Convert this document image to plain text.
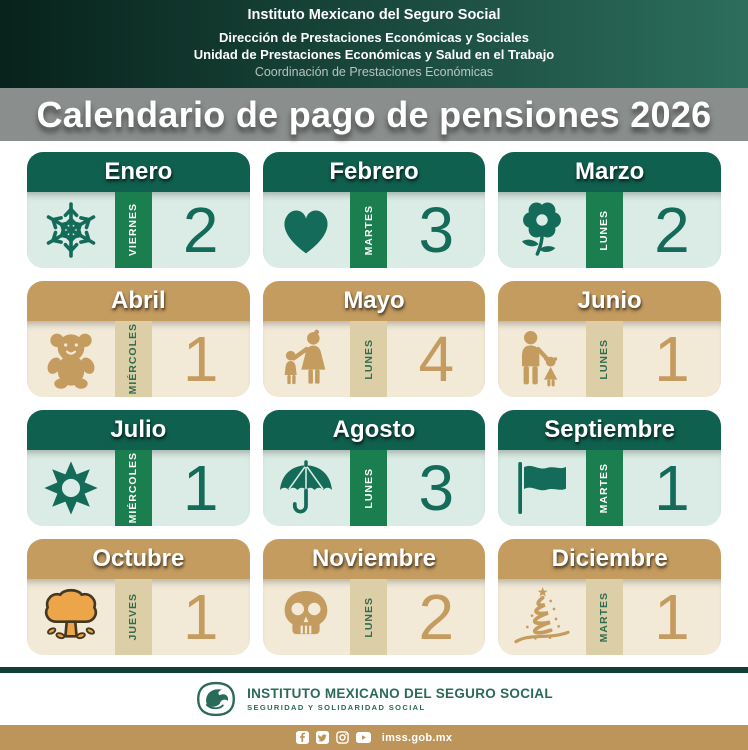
Instituto Mexicano del Seguro Social
Dirección de Prestaciones Económicas y Sociales
Unidad de Prestaciones Económicas y Salud en el Trabajo
Coordinación de Prestaciones Económicas
Calendario de pago de pensiones 2026
Enero
VIERNES 2
Febrero
MARTES 3
Marzo
LUNES 2
Abril
MIÉRCOLES 1
Mayo
LUNES 4
Junio
LUNES 1
Julio
MIÉRCOLES 1
Agosto
LUNES 3
Septiembre
MARTES 1
Octubre
JUEVES 1
Noviembre
LUNES 2
Diciembre
MARTES 1
INSTITUTO MEXICANO DEL SEGURO SOCIAL
SEGURIDAD Y SOLIDARIDAD SOCIAL
imss.gob.mx
